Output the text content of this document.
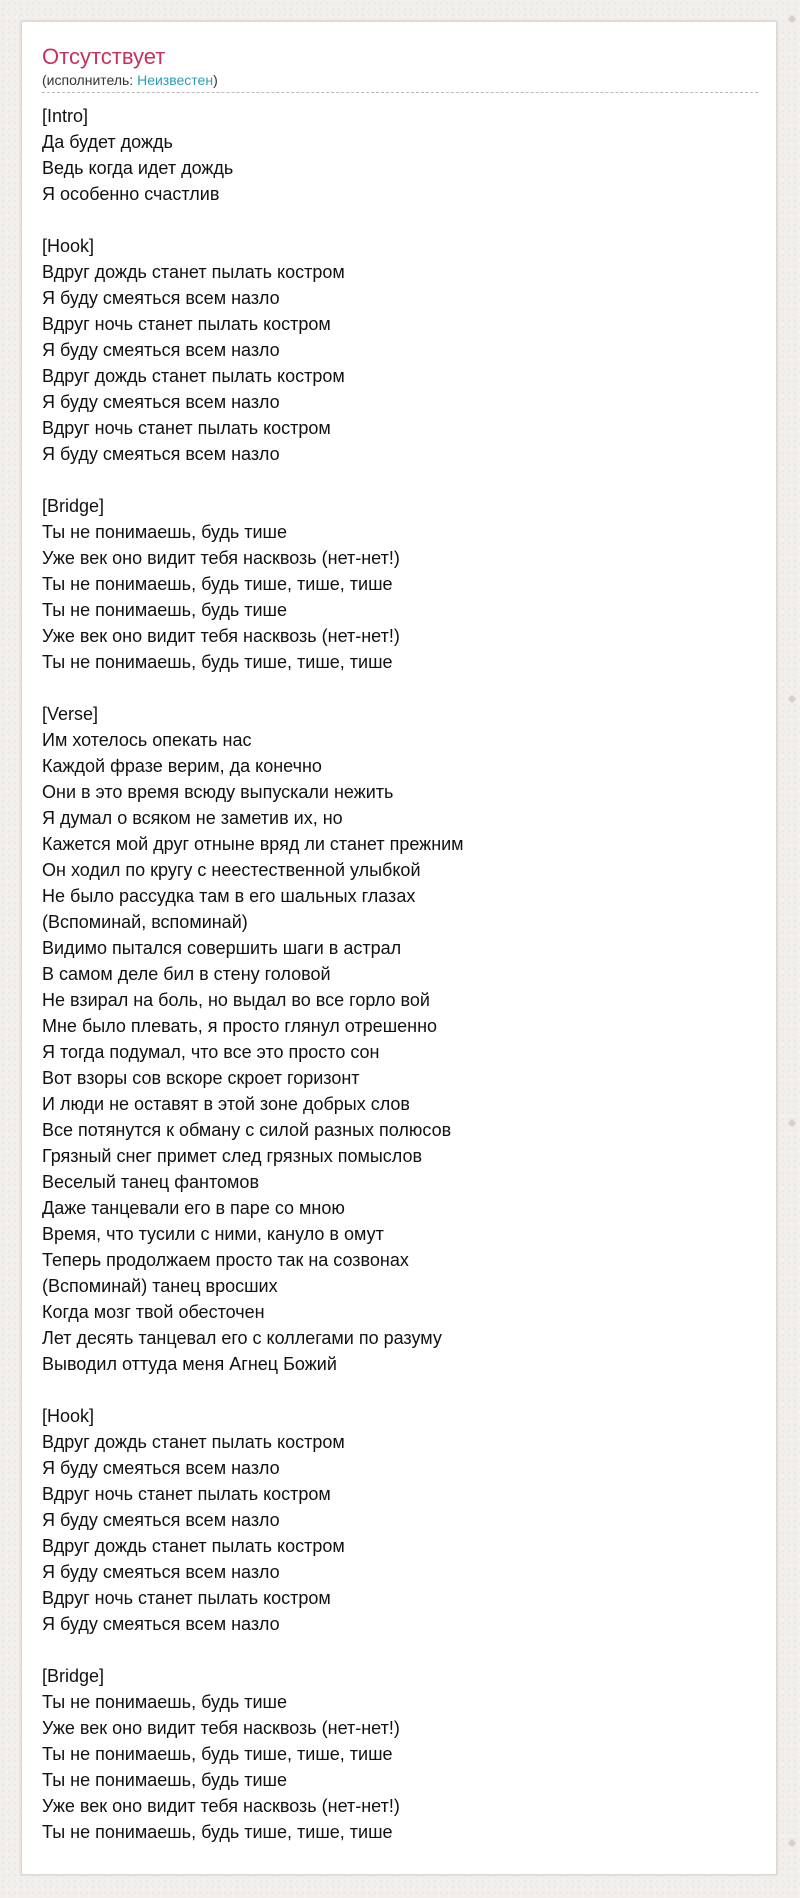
Отсутствует
(исполнитель: Неизвестен)
[Intro]
Да будет дождь
Ведь когда идет дождь
Я особенно счастлив
[Hook]
Вдруг дождь станет пылать костром
Я буду смеяться всем назло
Вдруг ночь станет пылать костром
Я буду смеяться всем назло
Вдруг дождь станет пылать костром
Я буду смеяться всем назло
Вдруг ночь станет пылать костром
Я буду смеяться всем назло
[Bridge]
Ты не понимаешь, будь тише
Уже век оно видит тебя насквозь (нет-нет!)
Ты не понимаешь, будь тише, тише, тише
Ты не понимаешь, будь тише
Уже век оно видит тебя насквозь (нет-нет!)
Ты не понимаешь, будь тише, тише, тише
[Verse]
Им хотелось опекать нас
Каждой фразе верим, да конечно
Они в это время всюду выпускали нежить
Я думал о всяком не заметив их, но
Кажется мой друг отныне вряд ли станет прежним
Он ходил по кругу с неестественной улыбкой
Не было рассудка там в его шальных глазах
(Вспоминай, вспоминай)
Видимо пытался совершить шаги в астрал
В самом деле бил в стену головой
Не взирал на боль, но выдал во все горло вой
Мне было плевать, я просто глянул отрешенно
Я тогда подумал, что все это просто сон
Вот взоры сов вскоре скроет горизонт
И люди не оставят в этой зоне добрых слов
Все потянутся к обману с силой разных полюсов
Грязный снег примет след грязных помыслов
Веселый танец фантомов
Даже танцевали его в паре со мною
Время, что тусили с ними, кануло в омут
Теперь продолжаем просто так на созвонах
(Вспоминай) танец вросших
Когда мозг твой обесточен
Лет десять танцевал его с коллегами по разуму
Выводил оттуда меня Агнец Божий
[Hook]
Вдруг дождь станет пылать костром
Я буду смеяться всем назло
Вдруг ночь станет пылать костром
Я буду смеяться всем назло
Вдруг дождь станет пылать костром
Я буду смеяться всем назло
Вдруг ночь станет пылать костром
Я буду смеяться всем назло
[Bridge]
Ты не понимаешь, будь тише
Уже век оно видит тебя насквозь (нет-нет!)
Ты не понимаешь, будь тише, тише, тише
Ты не понимаешь, будь тише
Уже век оно видит тебя насквозь (нет-нет!)
Ты не понимаешь, будь тише, тише, тише
